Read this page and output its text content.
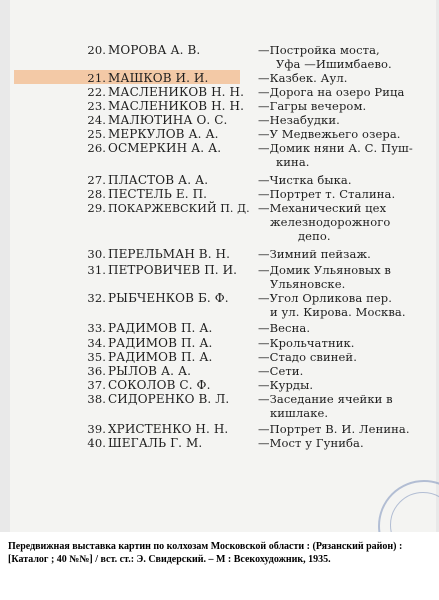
20. МОРОВА А. В.	—Постройка моста,
Уфа —Ишимбаево.
21. МАШКОВ И. И.	—Казбек. Аул.
22. МАСЛЕНИКОВ Н. Н. —Дорога на озеро Рица
23. МАСЛЕНИКОВ Н. Н. —Гагры вечером.
24. МАЛЮТИНА О. С.	—Незабудки.
25. МЕРКУЛОВ А. А.	—У Медвежьего озера.
26. ОСМЕРКИН А. А.	—Домик няни А. С. Пуш-
кина.
27. ПЛАСТОВ А. А.	—Чистка быка.
28. ПЕСТЕЛЬ Е. П.	—Портрет т. Сталина.
29. ПОКАРЖЕВСКИЙ П. Д. —Механический цех
железнодорожного
депо.
30. ПЕРЕЛЬМАН В. Н. —Зимний пейзаж.
31. ПЕТРОВИЧЕВ П. И. —Домик Ульяновых в
Ульяновске.
32. РЫБЧЕНКОВ Б. Ф.	—Угол Орликова пер.
и ул. Кирова. Москва.
33. РАДИМОВ П. А.	—Весна.
34. РАДИМОВ П. А.	—Крольчатник.
35. РАДИМОВ П. А.	—Стадо свиней.
36. РЫЛОВ А. А.	—Сети.
37. СОКОЛОВ С. Ф.	—Курды.
38. СИДОРЕНКО В. Л. —Заседание ячейки в
кишлаке.
39. ХРИСТЕНКО Н. Н.	—Портрет В. И. Ленина.
40. ШЕГАЛЬ Г. М.	—Мост у Гуниба.
Передвижная выставка картин по колхозам Московской области : (Рязанский район) : [Каталог ; 40 №№] / вст. ст.: Э. Свидерский. – М : Всекохудожник, 1935.
